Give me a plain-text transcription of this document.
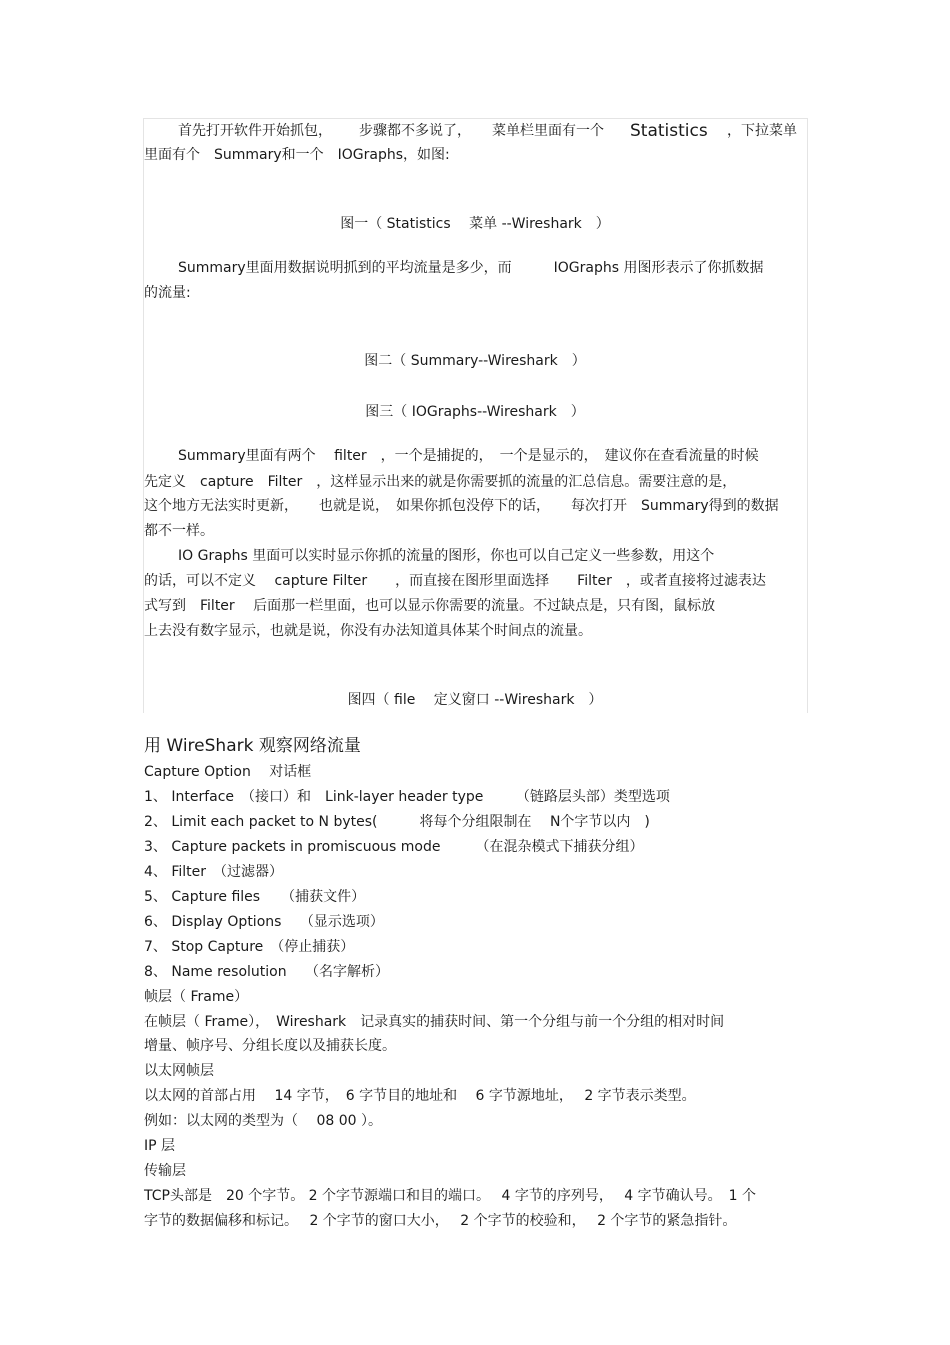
首先打开软件开始抓包， 步骤都不多说了， 菜单栏里面有一个 Statistics ，下拉菜单
里面有个　Summary和一个　IOGraphs，如图:
图一（ Statistics　 菜单 --Wireshark　）
Summary里面用数据说明抓到的平均流量是多少，而　　　IOGraphs 用图形表示了你抓数据
的流量:
图二（ Summary--Wireshark　）
图三（ IOGraphs--Wireshark　）
Summary里面有两个　 filter　，一个是捕捉的，　一个是显示的，　建议你在查看流量的时候
先定义　capture　Filter　，这样显示出来的就是你需要抓的流量的汇总信息。需要注意的是，
这个地方无法实时更新，　　也就是说，　如果你抓包没停下的话，　　每次打开　Summary得到的数据
都不一样。
IO Graphs 里面可以实时显示你抓的流量的图形，你也可以自己定义一些参数，用这个
的话，可以不定义　 capture Filter　　，而直接在图形里面选择　　Filter　，或者直接将过滤表达
式写到　Filter　 后面那一栏里面，也可以显示你需要的流量。不过缺点是，只有图，鼠标放
上去没有数字显示，也就是说，你没有办法知道具体某个时间点的流量。
图四（ file　 定义窗口 --Wireshark　）
用 WireShark 观察网络流量
Capture Option　 对话框
1、 Interface　（接口）和　Link-layer header type　　 （链路层头部）类型选项
2、 Limit each packet to N bytes(　　　将每个分组限制在　 N个字节以内　)
3、 Capture packets in promiscuous mode　　　（在混杂模式下捕获分组）
4、 Filter　（过滤器）
5、 Capture files　　（捕获文件）
6、 Display Options　 （显示选项）
7、 Stop Capture　（停止捕获）
8、 Name resolution　 （名字解析）
帧层（ Frame）
在帧层（ Frame），　Wireshark　记录真实的捕获时间、第一个分组与前一个分组的相对时间
增量、帧序号、分组长度以及捕获长度。
以太网帧层
以太网的首部占用　 14 字节，　6 字节目的地址和　 6 字节源地址，　 2 字节表示类型。
例如：以太网的类型为（　 08 00 ）。
IP 层
传输层
TCP头部是　20 个字节。 2 个字节源端口和目的端口。　 4 字节的序列号，　 4 字节确认号。　1 个
字节的数据偏移和标记。　 2 个字节的窗口大小，　 2 个字节的校验和，　 2 个字节的紧急指针。
